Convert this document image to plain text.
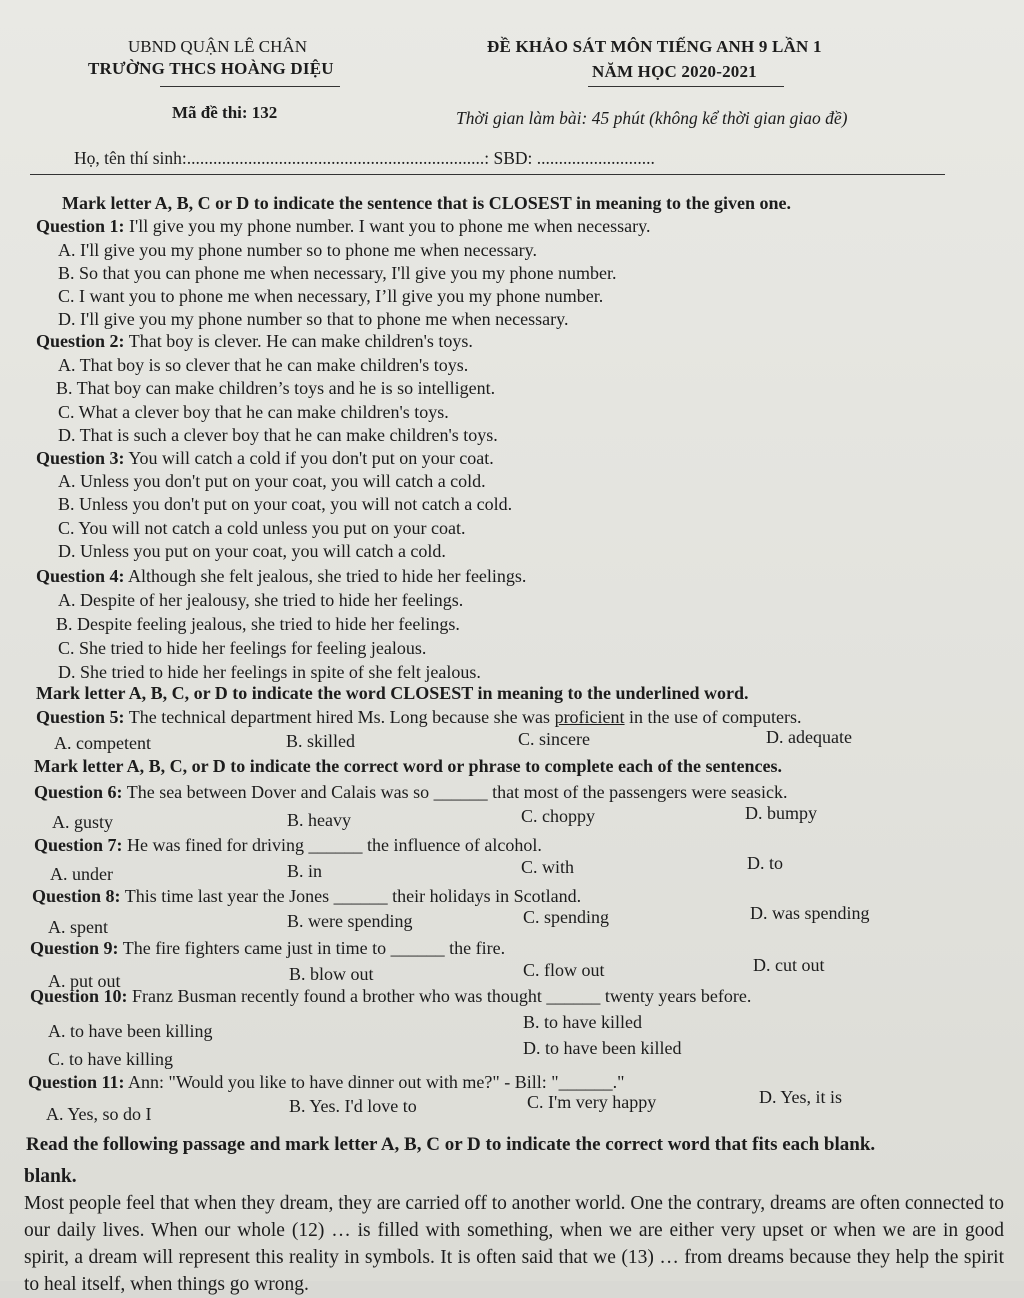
UBND QUẬN LÊ CHÂN
TRƯỜNG THCS HOÀNG DIỆU
ĐỀ KHẢO SÁT MÔN TIẾNG ANH 9 LẦN 1
NĂM HỌC 2020-2021
Mã đề thi: 132	Thời gian làm bài: 45 phút (không kể thời gian giao đề)
Họ, tên thí sinh:....................................................................: SBD: ...........................
Mark letter A, B, C or D to indicate the sentence that is CLOSEST in meaning to the given one.
Question 1: I'll give you my phone number. I want you to phone me when necessary.
A. I'll give you my phone number so to phone me when necessary.
B. So that you can phone me when necessary, I'll give you my phone number.
C. I want you to phone me when necessary, I’ll give you my phone number.
D. I'll give you my phone number so that to phone me when necessary.
Question 2: That boy is clever. He can make children's toys.
A. That boy is so clever that he can make children's toys.
B. That boy can make children’s toys and he is so intelligent.
C. What a clever boy that he can make children's toys.
D. That is such a clever boy that he can make children's toys.
Question 3: You will catch a cold if you don't put on your coat.
A. Unless you don't put on your coat, you will catch a cold.
B. Unless you don't put on your coat, you will not catch a cold.
C. You will not catch a cold unless you put on your coat.
D. Unless you put on your coat, you will catch a cold.
Question 4: Although she felt jealous, she tried to hide her feelings.
A. Despite of her jealousy, she tried to hide her feelings.
B. Despite feeling jealous, she tried to hide her feelings.
C. She tried to hide her feelings for feeling jealous.
D. She tried to hide her feelings in spite of she felt jealous.
Mark letter A, B, C, or D to indicate the word CLOSEST in meaning to the underlined word.
Question 5: The technical department hired Ms. Long because she was proficient in the use of computers.
A. competent	B. skilled	C. sincere	D. adequate
Mark letter A, B, C, or D to indicate the correct word or phrase to complete each of the sentences.
Question 6: The sea between Dover and Calais was so ______ that most of the passengers were seasick.
A. gusty	B. heavy	C. choppy	D. bumpy
Question 7: He was fined for driving ______ the influence of alcohol.
A. under	B. in	C. with	D. to
Question 8: This time last year the Jones ______ their holidays in Scotland.
A. spent	B. were spending	C. spending	D. was spending
Question 9: The fire fighters came just in time to ______ the fire.
A. put out	B. blow out	C. flow out	D. cut out
Question 10: Franz Busman recently found a brother who was thought ______ twenty years before.
A. to have been killing	B. to have killed
C. to have killing
D. to have been killed
Question 11: Ann: "Would you like to have dinner out with me?" - Bill: "______."
A. Yes, so do I	B. Yes. I'd love to	C. I'm very happy	D. Yes, it is
Read the following passage and mark letter A, B, C or D to indicate the correct word that fits each blank.
blank.
Most people feel that when they dream, they are carried off to another world. One the contrary, dreams are often connected to our daily lives. When our whole (12) … is filled with something, when we are either very upset or when we are in good spirit, a dream will represent this reality in symbols. It is often said that we (13) … from dreams because they help the spirit to heal itself, when things go wrong.
